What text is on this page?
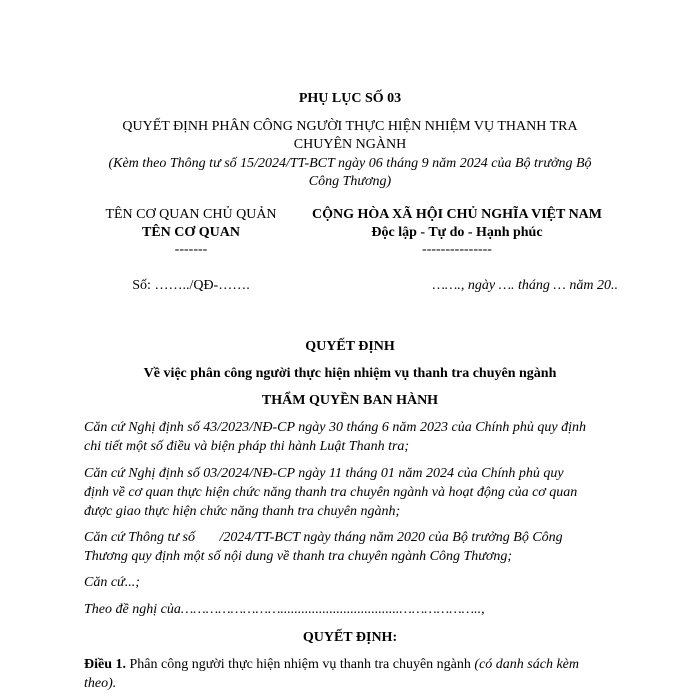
PHỤ LỤC SỐ 03
QUYẾT ĐỊNH PHÂN CÔNG NGƯỜI THỰC HIỆN NHIỆM VỤ THANH TRA
CHUYÊN NGÀNH
(Kèm theo Thông tư số 15/2024/TT-BCT ngày 06 tháng 9 năm 2024 của Bộ trưởng Bộ
Công Thương)
TÊN CƠ QUAN CHỦ QUẢN
TÊN CƠ QUAN
-------
CỘNG HÒA XÃ HỘI CHỦ NGHĨA VIỆT NAM
Độc lập - Tự do - Hạnh phúc
---------------
Số: ……../QĐ-…….	……., ngày …. tháng … năm 20..
QUYẾT ĐỊNH
Về việc phân công người thực hiện nhiệm vụ thanh tra chuyên ngành
THẨM QUYỀN BAN HÀNH
Căn cứ Nghị định số 43/2023/NĐ-CP ngày 30 tháng 6 năm 2023 của Chính phủ quy định
chi tiết một số điều và biện pháp thi hành Luật Thanh tra;
Căn cứ Nghị định số 03/2024/NĐ-CP ngày 11 tháng 01 năm 2024 của Chính phủ quy
định về cơ quan thực hiện chức năng thanh tra chuyên ngành và hoạt động của cơ quan
được giao thực hiện chức năng thanh tra chuyên ngành;
Căn cứ Thông tư số       /2024/TT-BCT ngày tháng năm 2020 của Bộ trưởng Bộ Công
Thương quy định một số nội dung về thanh tra chuyên ngành Công Thương;
Căn cứ...;
Theo đề nghị của……………………..................................………………..,
QUYẾT ĐỊNH:
Điều 1. Phân công người thực hiện nhiệm vụ thanh tra chuyên ngành (có danh sách kèm
theo).
